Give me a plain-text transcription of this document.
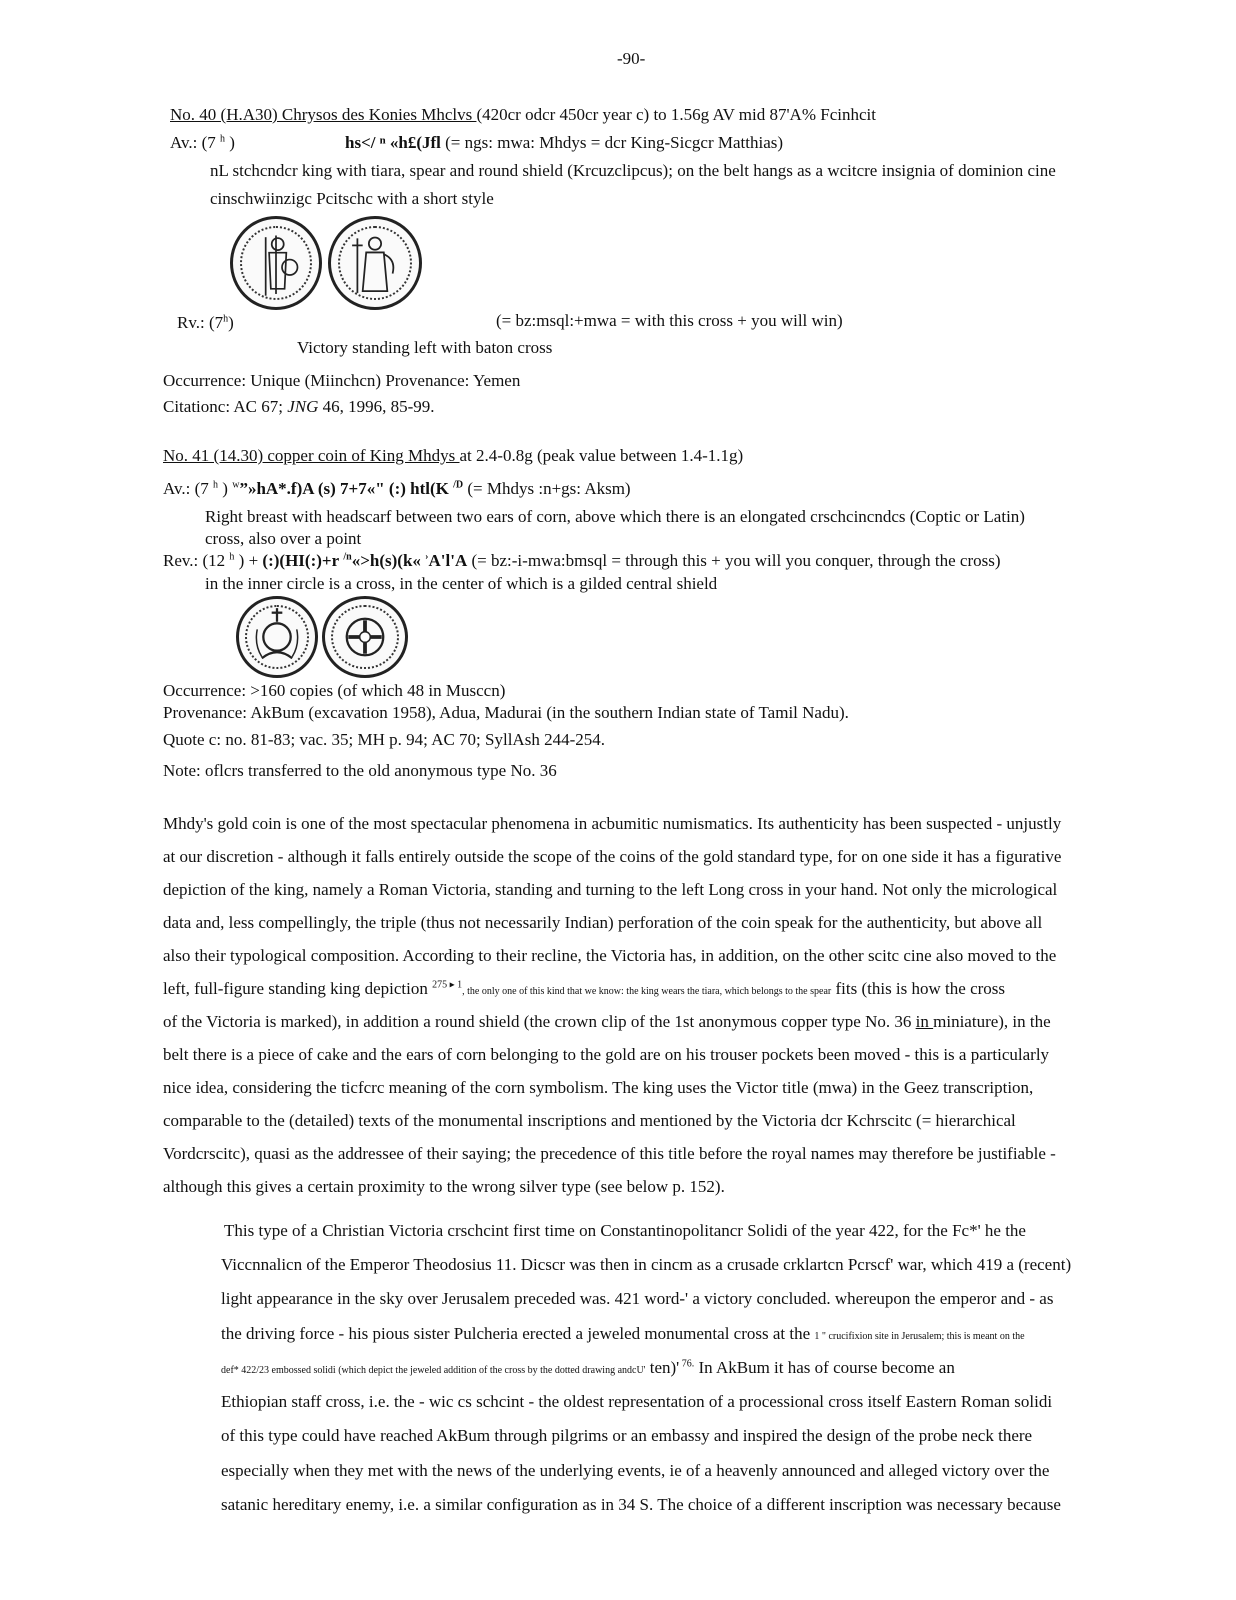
-90-
No. 40 (H.A30) Chrysos des Konies Mhclvs (420cr odcr 450cr year c) to 1.56g AV mid 87'A% Fcinhcit
Av.: (7 $^h$ )	hs</ ⁿ «h£(Jfl (= ngs: mwa: Mhdys = dcr King-Sicgcr Matthias)
nL stchcndcr king with tiara, spear and round shield (Krcuzclipcus); on the belt hangs as a wcitcre insignia of dominion cine
cinschwiinzigc Pcitschc with a short style
Rv.: (7$^h$)	(= bz:msql:+mwa = with this cross + you will win)
Victory standing left with baton cross
Occurrence: Unique (Miinchcn) Provenance: Yemen
Citationc: AC 67; JNG 46, 1996, 85-99.
No. 41 (14.30) copper coin of King Mhdys at 2.4-0.8g (peak value between 1.4-1.1g)
Av.: (7 $^h$ ) $^w$”»hA*.f)A (s) 7+7«" (:) htl(K $^{/D}$ (= Mhdys :n+gs: Aksm)
Right breast with headscarf between two ears of corn, above which there is an elongated crschcincndcs (Coptic or Latin)
cross, also over a point
Rev.: (12 $^h$ ) + (:)(HI(:)+r $^{/n}$«>h(s)(k« ›A'l'A (= bz:-i-mwa:bmsql = through this + you will you conquer, through the cross)
in the inner circle is a cross, in the center of which is a gilded central shield
Occurrence: >160 copies (of which 48 in Musccn)
Provenance: AkBum (excavation 1958), Adua, Madurai (in the southern Indian state of Tamil Nadu).
Quote c: no. 81-83; vac. 35; MH p. 94; AC 70; SyllAsh 244-254.
Note: oflcrs transferred to the old anonymous type No. 36
Mhdy's gold coin is one of the most spectacular phenomena in acbumitic numismatics. Its authenticity has been suspected - unjustly
at our discretion - although it falls entirely outside the scope of the coins of the gold standard type, for on one side it has a figurative
depiction of the king, namely a Roman Victoria, standing and turning to the left Long cross in your hand. Not only the micrological
data and, less compellingly, the triple (thus not necessarily Indian) perforation of the coin speak for the authenticity, but above all
also their typological composition. According to their recline, the Victoria has, in addition, on the other scitc cine also moved to the
left, full-figure standing king depiction $^{275 ▸ 1}$, the only one of this kind that we know: the king wears the tiara, which belongs to the spear fits (this is how the cross
of the Victoria is marked), in addition a round shield (the crown clip of the 1st anonymous copper type No. 36 in miniature), in the
belt there is a piece of cake and the ears of corn belonging to the gold are on his trouser pockets been moved - this is a particularly
nice idea, considering the ticfcrc meaning of the corn symbolism. The king uses the Victor title (mwa) in the Geez transcription,
comparable to the (detailed) texts of the monumental inscriptions and mentioned by the Victoria dcr Kchrscitc (= hierarchical
Vordcrscitc), quasi as the addressee of their saying; the precedence of this title before the royal names may therefore be justifiable -
although this gives a certain proximity to the wrong silver type (see below p. 152).
This type of a Christian Victoria crschcint first time on Constantinopolitancr Solidi of the year 422, for the Fc*' he the
Viccnnalicn of the Emperor Theodosius 11. Dicscr was then in cincm as a crusade crklartcn Pcrscf' war, which 419 a (recent)
light appearance in the sky over Jerusalem preceded was. 421 word-' a victory concluded. whereupon the emperor and - as
the driving force - his pious sister Pulcheria erected a jeweled monumental cross at the 1 " crucifixion site in Jerusalem; this is meant on the
def* 422/23 embossed solidi (which depict the jeweled addition of the cross by the dotted drawing andcU' ten)' $^{76.}$ In AkBum it has of course become an
Ethiopian staff cross, i.e. the - wic cs schcint - the oldest representation of a processional cross itself Eastern Roman solidi
of this type could have reached AkBum through pilgrims or an embassy and inspired the design of the probe neck there
especially when they met with the news of the underlying events, ie of a heavenly announced and alleged victory over the
satanic hereditary enemy, i.e. a similar configuration as in 34 S. The choice of a different inscription was necessary because
